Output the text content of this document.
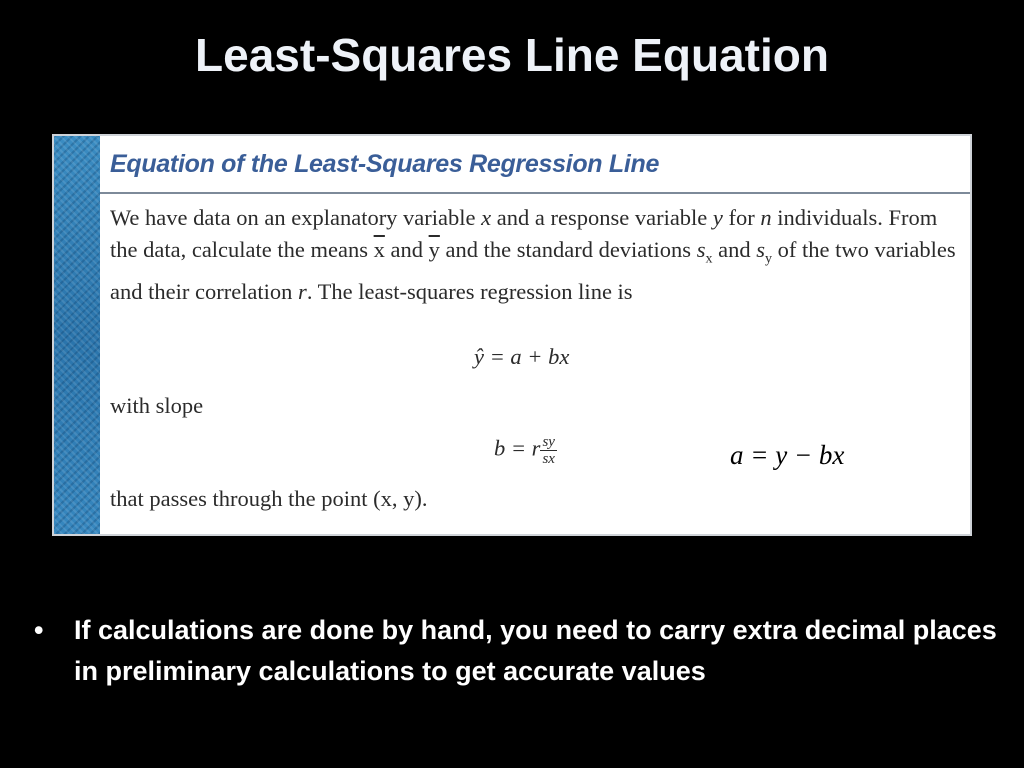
Least-Squares Line Equation
Equation of the Least-Squares Regression Line

We have data on an explanatory variable x and a response variable y for n individuals. From the data, calculate the means $\overline{x}$ and $\overline{y}$ and the standard deviations $s_x$ and $s_y$ of the two variables and their correlation r. The least-squares regression line is

ŷ = a + bx
with slope
b = r $\frac{sy}{sx}$	a = y − bx
that passes through the point (x, y).
• If calculations are done by hand, you need to carry extra decimal places in preliminary calculations to get accurate values
